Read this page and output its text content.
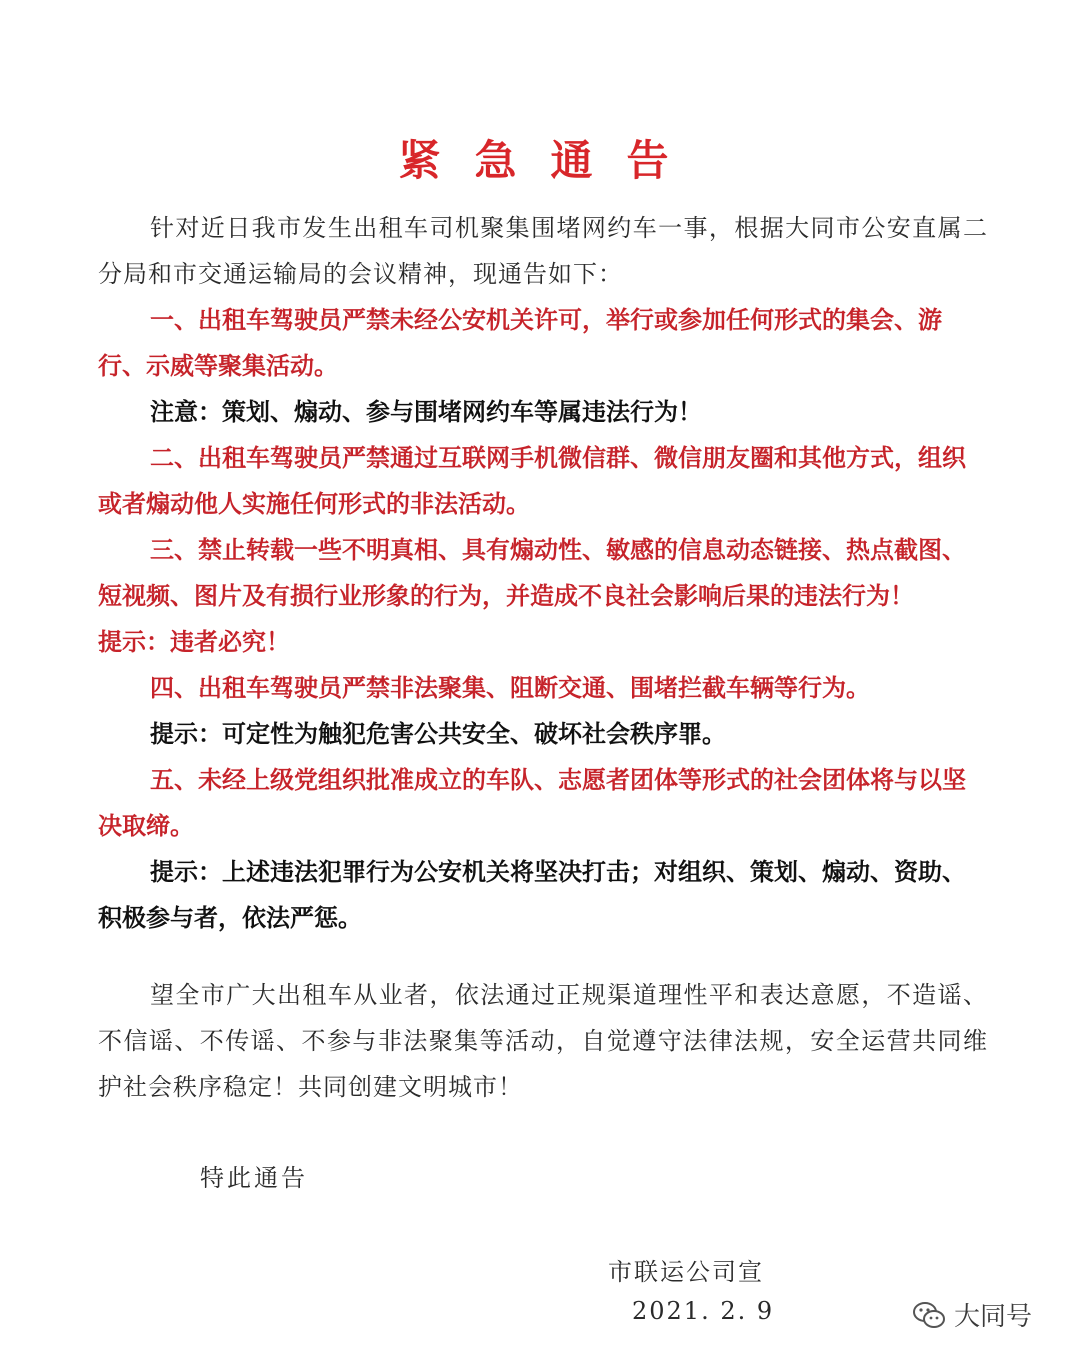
紧急通告

针对近日我市发生出租车司机聚集围堵网约车一事，根据大同市公安直属二分局和市交通运输局的会议精神，现通告如下：

一、出租车驾驶员严禁未经公安机关许可，举行或参加任何形式的集会、游行、示威等聚集活动。

注意：策划、煽动、参与围堵网约车等属违法行为！

二、出租车驾驶员严禁通过互联网手机微信群、微信朋友圈和其他方式，组织或者煽动他人实施任何形式的非法活动。

三、禁止转载一些不明真相、具有煽动性、敏感的信息动态链接、热点截图、短视频、图片及有损行业形象的行为，并造成不良社会影响后果的违法行为！

提示：违者必究！

四、出租车驾驶员严禁非法聚集、阻断交通、围堵拦截车辆等行为。

提示：可定性为触犯危害公共安全、破坏社会秩序罪。

五、未经上级党组织批准成立的车队、志愿者团体等形式的社会团体将与以坚决取缔。

提示：上述违法犯罪行为公安机关将坚决打击；对组织、策划、煽动、资助、积极参与者，依法严惩。

望全市广大出租车从业者，依法通过正规渠道理性平和表达意愿，不造谣、不信谣、不传谣、不参与非法聚集等活动，自觉遵守法律法规，安全运营共同维护社会秩序稳定！共同创建文明城市！

特此通告
市联运公司宣
2021. 2. 9	大同号
